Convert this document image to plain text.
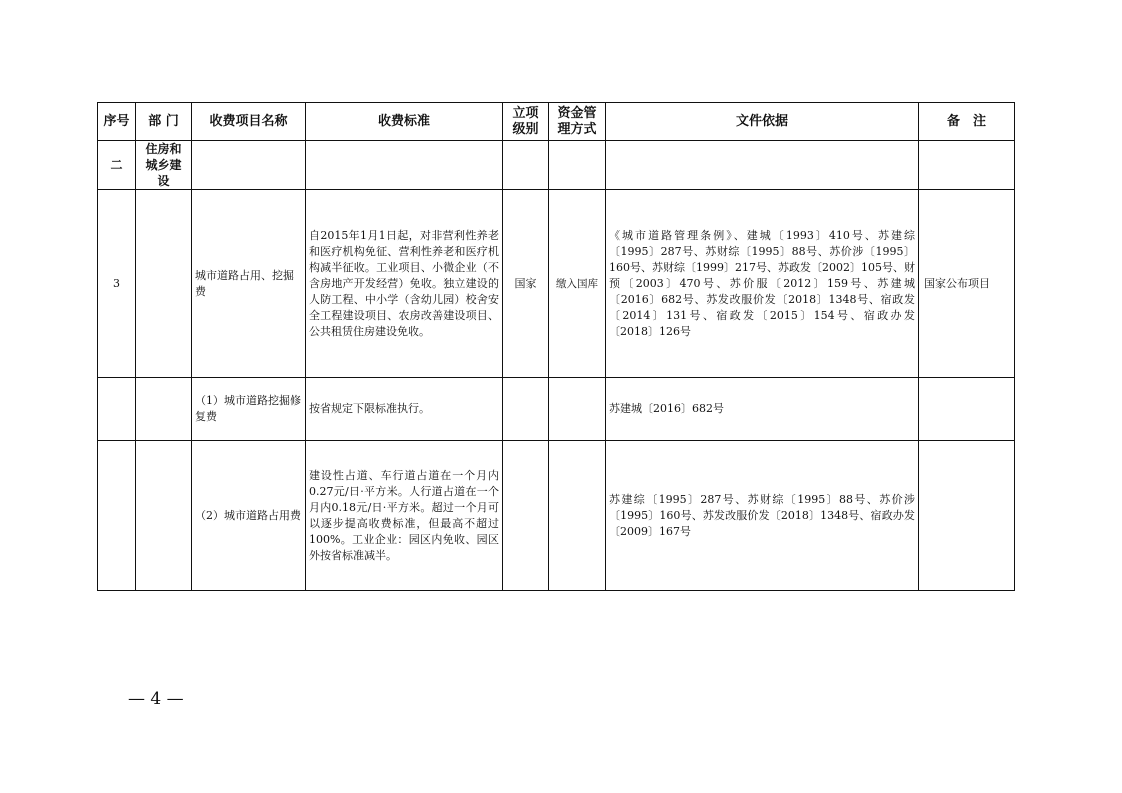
序号	部 门	收费项目名称	收费标准	立项级别	资金管理方式	文件依据	备　注
二	住房和城乡建设						
3		城市道路占用、挖掘费	自2015年1月1日起，对非营利性养老和医疗机构免征、营利性养老和医疗机构减半征收。工业项目、小微企业（不含房地产开发经营）免收。独立建设的人防工程、中小学（含幼儿园）校舍安全工程建设项目、农房改善建设项目、公共租赁住房建设免收。	国家	缴入国库	《城市道路管理条例》、建城〔1993〕410号、苏建综〔1995〕287号、苏财综〔1995〕88号、苏价涉〔1995〕160号、苏财综〔1999〕217号、苏政发〔2002〕105号、财预〔2003〕470号、苏价服〔2012〕159号、苏建城〔2016〕682号、苏发改服价发〔2018〕1348号、宿政发〔2014〕131号、宿政发〔2015〕154号、宿政办发〔2018〕126号	国家公布项目
		（1）城市道路挖掘修复费	按省规定下限标准执行。			苏建城〔2016〕682号	
		（2）城市道路占用费	建设性占道、车行道占道在一个月内0.27元/日·平方米。人行道占道在一个月内0.18元/日·平方米。超过一个月可以逐步提高收费标准，但最高不超过100%。工业企业：园区内免收、园区外按省标准减半。			苏建综〔1995〕287号、苏财综〔1995〕88号、苏价涉〔1995〕160号、苏发改服价发〔2018〕1348号、宿政办发〔2009〕167号	
— 4 —
